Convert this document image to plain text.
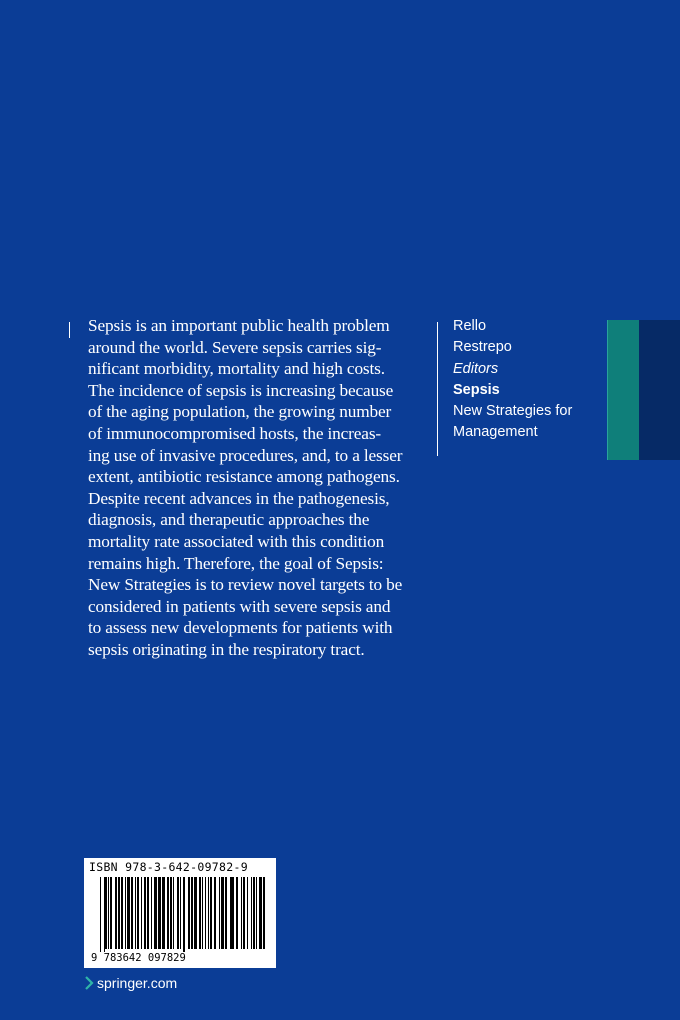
Sepsis is an important public health problem
around the world. Severe sepsis carries sig-
nificant morbidity, mortality and high costs.
The incidence of sepsis is increasing because
of the aging population, the growing number
of immunocompromised hosts, the increas-
ing use of invasive procedures, and, to a lesser
extent, antibiotic resistance among pathogens.
Despite recent advances in the pathogenesis,
diagnosis, and therapeutic approaches the
mortality rate associated with this condition
remains high. Therefore, the goal of Sepsis:
New Strategies is to review novel targets to be
considered in patients with severe sepsis and
to assess new developments for patients with
sepsis originating in the respiratory tract.
Rello
Restrepo
Editors
Sepsis
New Strategies for
Management
ISBN 978-3-642-09782-9
9 783642 097829
springer.com
